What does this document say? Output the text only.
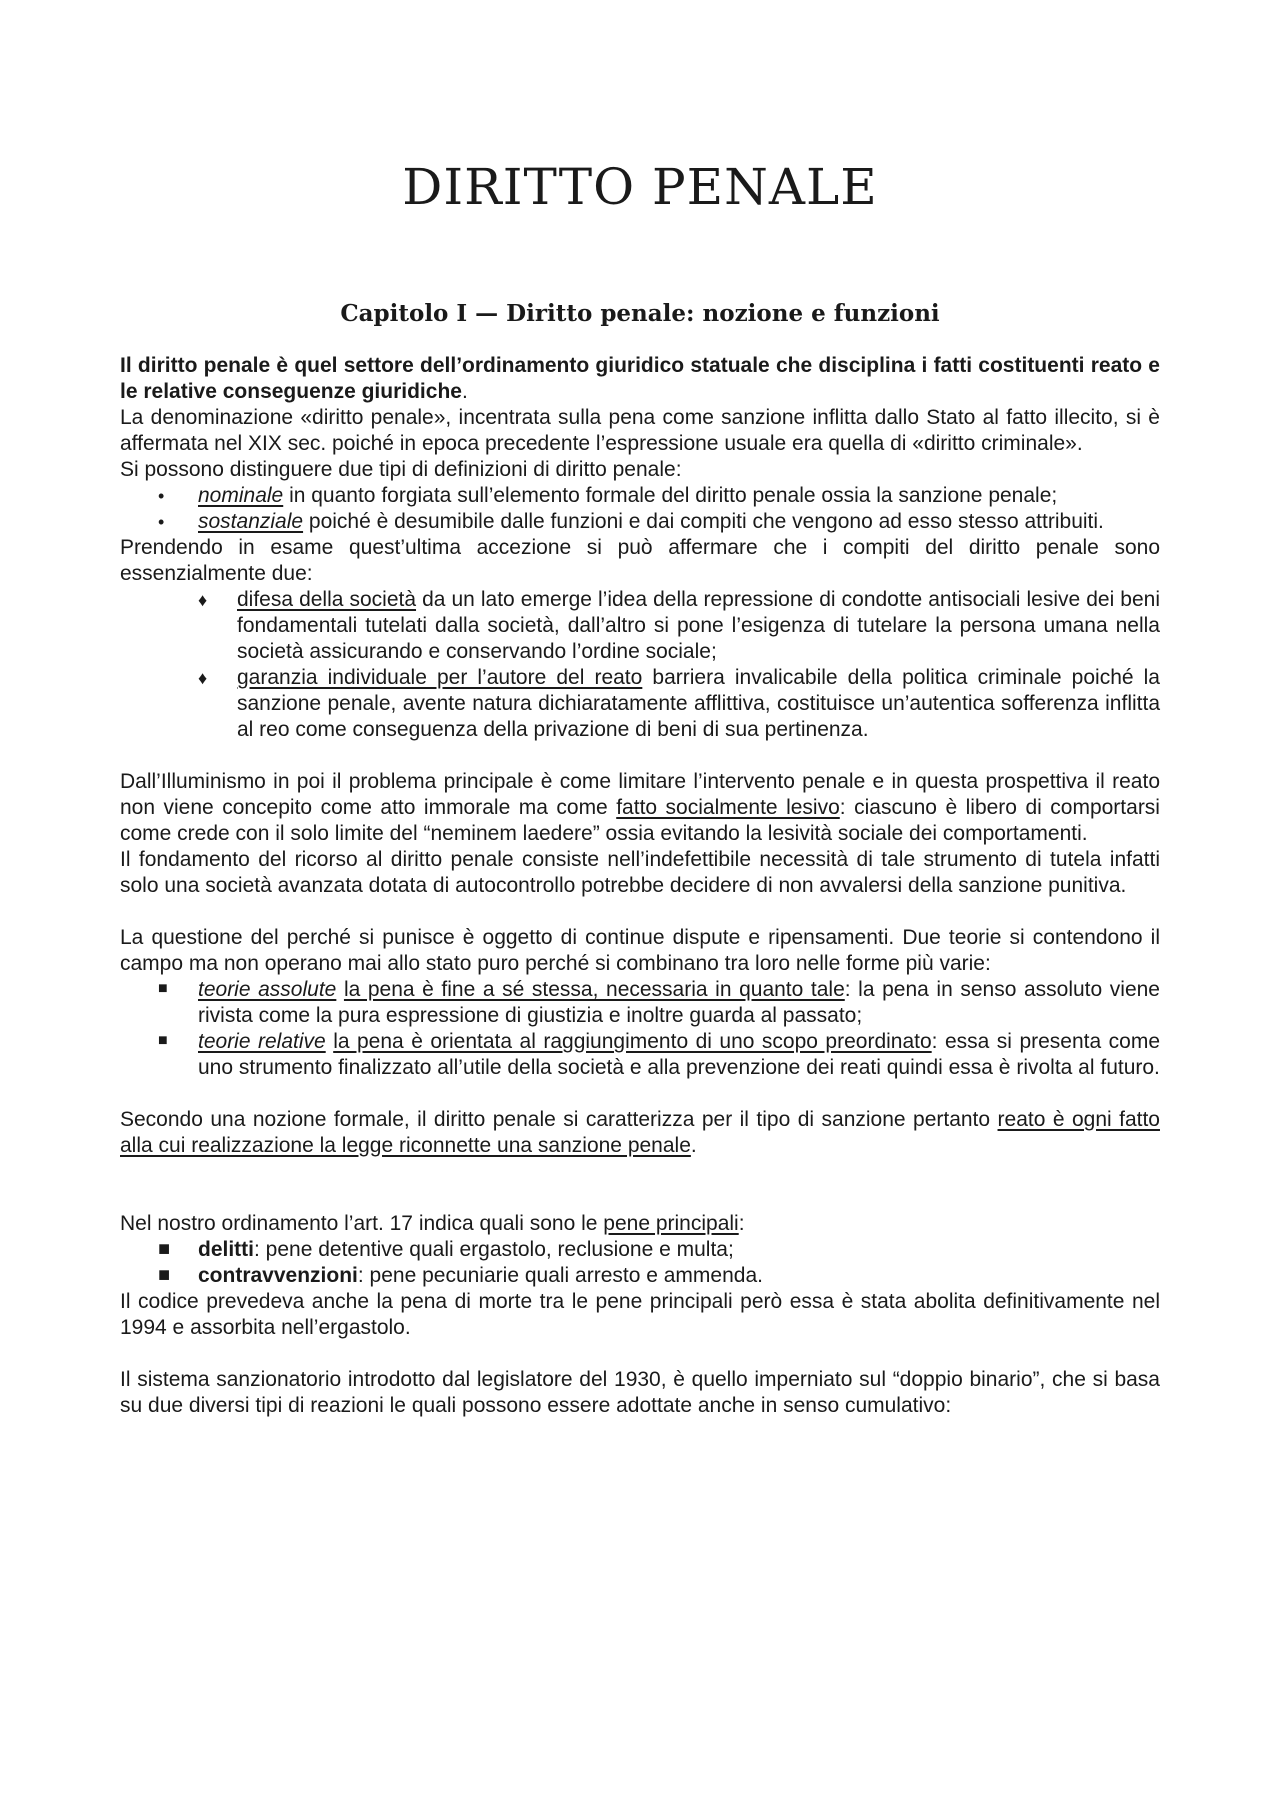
DIRITTO PENALE
Capitolo I — Diritto penale: nozione e funzioni

Il diritto penale è quel settore dell’ordinamento giuridico statuale che disciplina i fatti costituenti reato e le relative conseguenze giuridiche.

La denominazione «diritto penale», incentrata sulla pena come sanzione inflitta dallo Stato al fatto illecito, si è affermata nel XIX sec. poiché in epoca precedente l’espressione usuale era quella di «diritto criminale».

Si possono distinguere due tipi di definizioni di diritto penale:

• nominale in quanto forgiata sull’elemento formale del diritto penale ossia la sanzione penale;
• sostanziale poiché è desumibile dalle funzioni e dai compiti che vengono ad esso stesso attribuiti.

Prendendo in esame quest’ultima accezione si può affermare che i compiti del diritto penale sono essenzialmente due:

♦ difesa della società da un lato emerge l’idea della repressione di condotte antisociali lesive dei beni fondamentali tutelati dalla società, dall’altro si pone l’esigenza di tutelare la persona umana nella società assicurando e conservando l’ordine sociale;
♦ garanzia individuale per l’autore del reato barriera invalicabile della politica criminale poiché la sanzione penale, avente natura dichiaratamente afflittiva, costituisce un’autentica sofferenza inflitta al reo come conseguenza della privazione di beni di sua pertinenza.

Dall’Illuminismo in poi il problema principale è come limitare l’intervento penale e in questa prospettiva il reato non viene concepito come atto immorale ma come fatto socialmente lesivo: ciascuno è libero di comportarsi come crede con il solo limite del “neminem laedere” ossia evitando la lesività sociale dei comportamenti.

Il fondamento del ricorso al diritto penale consiste nell’indefettibile necessità di tale strumento di tutela infatti solo una società avanzata dotata di autocontrollo potrebbe decidere di non avvalersi della sanzione punitiva.

La questione del perché si punisce è oggetto di continue dispute e ripensamenti. Due teorie si contendono il campo ma non operano mai allo stato puro perché si combinano tra loro nelle forme più varie:

■ teorie assolute la pena è fine a sé stessa, necessaria in quanto tale: la pena in senso assoluto viene rivista come la pura espressione di giustizia e inoltre guarda al passato;
■ teorie relative la pena è orientata al raggiungimento di uno scopo preordinato: essa si presenta come uno strumento finalizzato all’utile della società e alla prevenzione dei reati quindi essa è rivolta al futuro.

Secondo una nozione formale, il diritto penale si caratterizza per il tipo di sanzione pertanto reato è ogni fatto alla cui realizzazione la legge riconnette una sanzione penale.

Nel nostro ordinamento l’art. 17 indica quali sono le pene principali:

■ delitti: pene detentive quali ergastolo, reclusione e multa;
■ contravvenzioni: pene pecuniarie quali arresto e ammenda.

Il codice prevedeva anche la pena di morte tra le pene principali però essa è stata abolita definitivamente nel 1994 e assorbita nell’ergastolo.

Il sistema sanzionatorio introdotto dal legislatore del 1930, è quello imperniato sul “doppio binario”, che si basa su due diversi tipi di reazioni le quali possono essere adottate anche in senso cumulativo:
